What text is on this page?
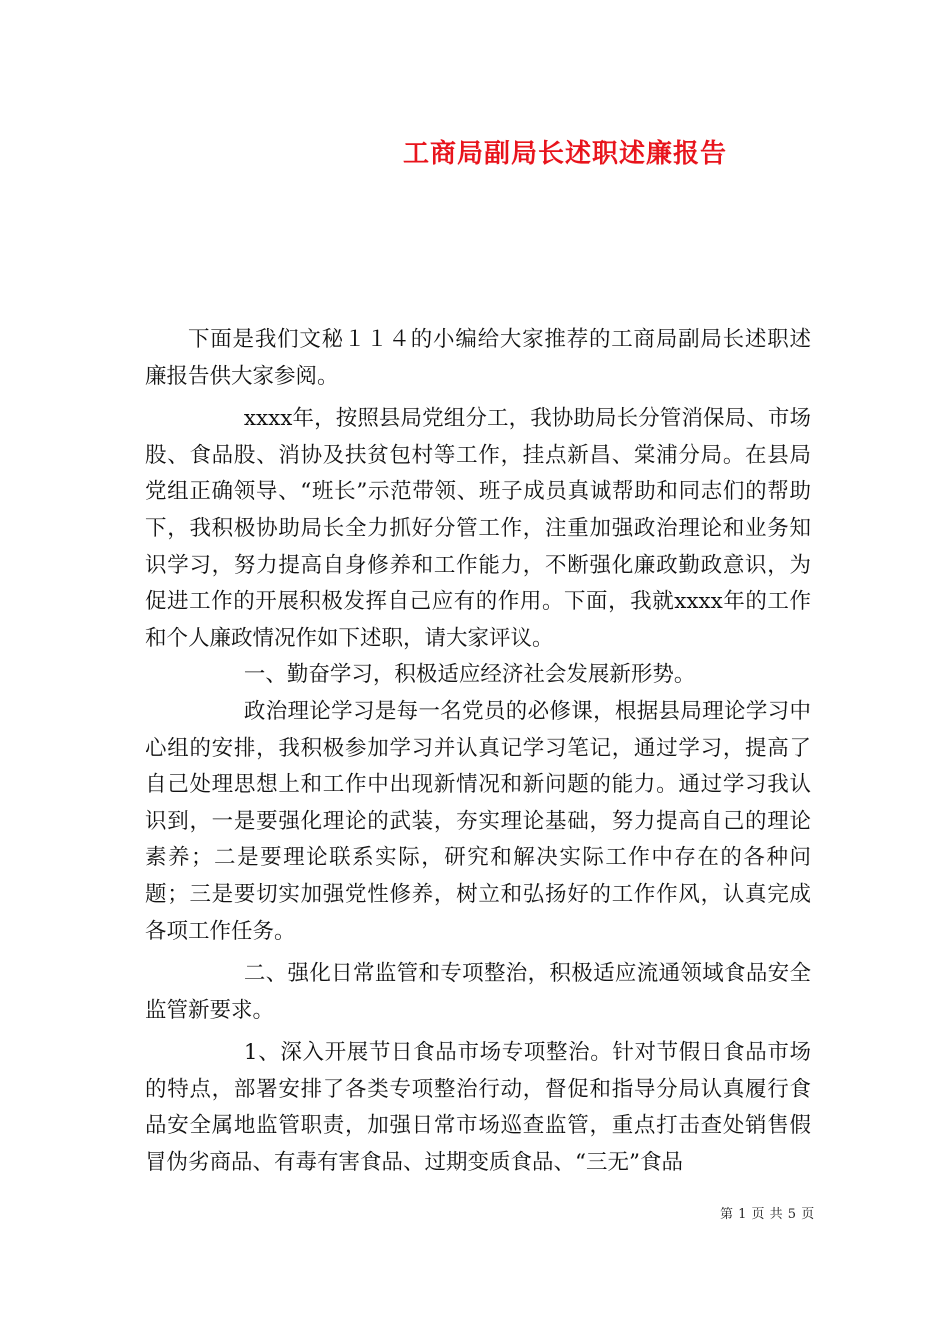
工商局副局长述职述廉报告

下面是我们文秘１１４的小编给大家推荐的工商局副局长述职述廉报告供大家参阅。

xxxx年，按照县局党组分工，我协助局长分管消保局、市场股、食品股、消协及扶贫包村等工作，挂点新昌、棠浦分局。在县局党组正确领导、“班长”示范带领、班子成员真诚帮助和同志们的帮助下，我积极协助局长全力抓好分管工作，注重加强政治理论和业务知识学习，努力提高自身修养和工作能力，不断强化廉政勤政意识，为促进工作的开展积极发挥自己应有的作用。下面，我就xxxx年的工作和个人廉政情况作如下述职，请大家评议。

一、勤奋学习，积极适应经济社会发展新形势。

政治理论学习是每一名党员的必修课，根据县局理论学习中心组的安排，我积极参加学习并认真记学习笔记，通过学习，提高了自己处理思想上和工作中出现新情况和新问题的能力。通过学习我认识到，一是要强化理论的武装，夯实理论基础，努力提高自己的理论素养；二是要理论联系实际，研究和解决实际工作中存在的各种问题；三是要切实加强党性修养，树立和弘扬好的工作作风，认真完成各项工作任务。

二、强化日常监管和专项整治，积极适应流通领域食品安全监管新要求。

1、深入开展节日食品市场专项整治。针对节假日食品市场的特点，部署安排了各类专项整治行动，督促和指导分局认真履行食品安全属地监管职责，加强日常市场巡查监管，重点打击查处销售假冒伪劣商品、有毒有害食品、过期变质食品、“三无”食品

第 1 页 共 5 页
